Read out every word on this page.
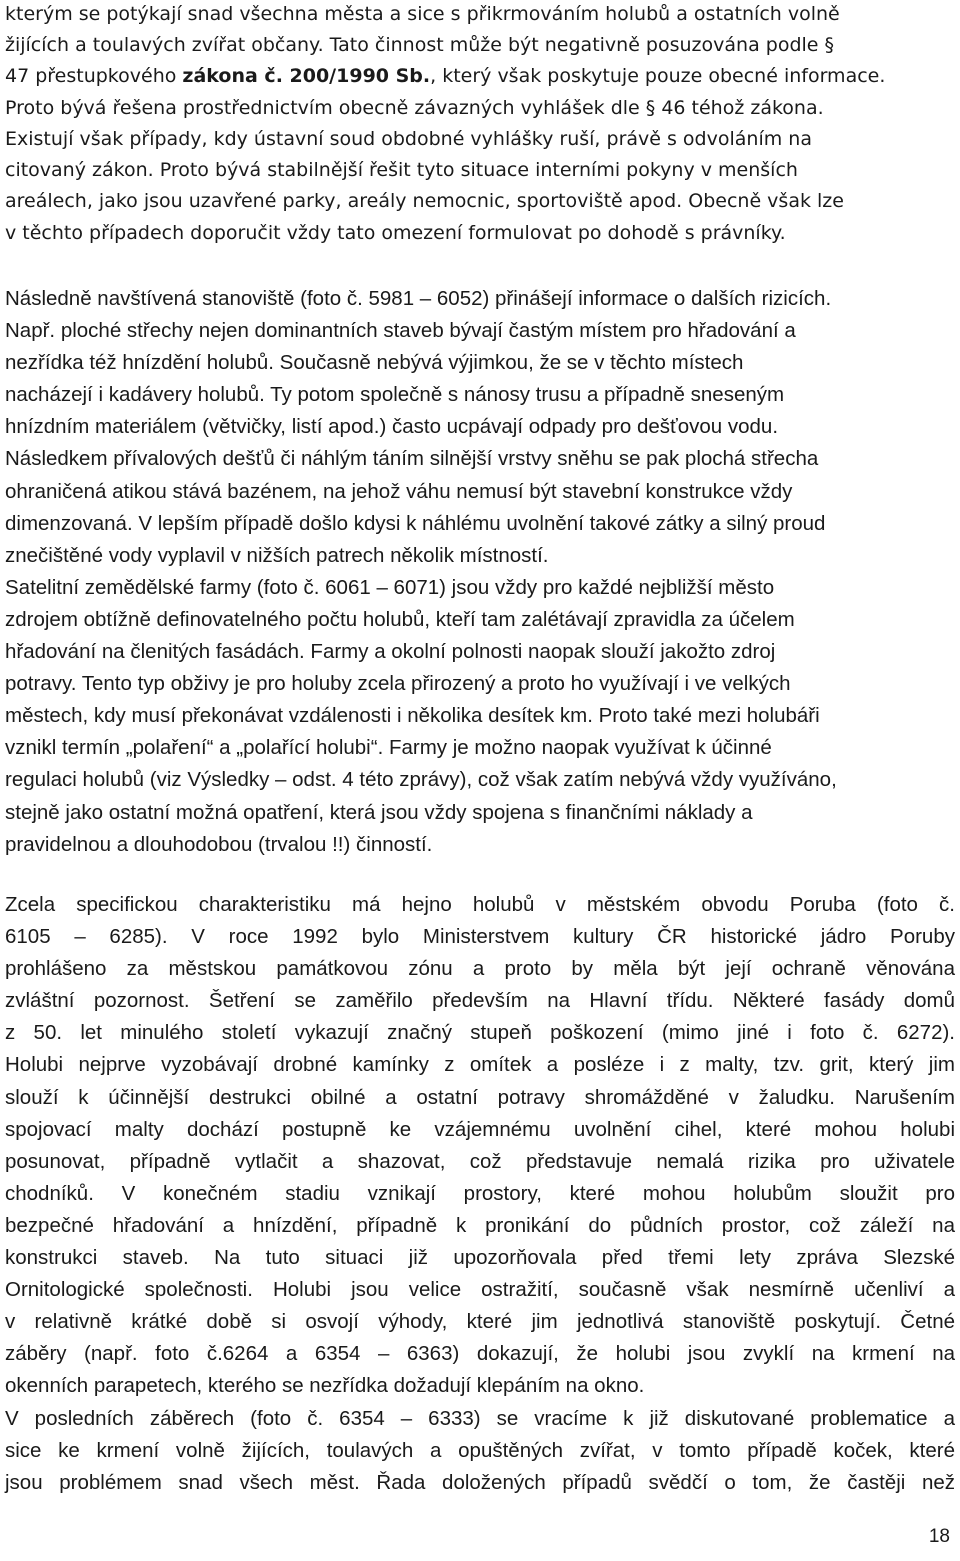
kterým se potýkají snad všechna města a sice s přikrmováním holubů a ostatních volně
žijících a toulavých zvířat občany. Tato činnost může být negativně posuzována podle §
47 přestupkového zákona č. 200/1990 Sb., který však poskytuje pouze obecné informace.
Proto bývá řešena prostřednictvím obecně závazných vyhlášek dle § 46 téhož zákona.
Existují však případy, kdy ústavní soud obdobné vyhlášky ruší, právě s odvoláním na
citovaný zákon. Proto bývá stabilnější řešit tyto situace interními pokyny v menších
areálech, jako jsou uzavřené parky, areály nemocnic, sportoviště apod. Obecně však lze
v těchto případech doporučit vždy tato omezení formulovat po dohodě s právníky.

Následně navštívená stanoviště (foto č. 5981 – 6052) přinášejí informace o dalších rizicích.

Např. ploché střechy nejen dominantních staveb bývají častým místem pro hřadování a

nezřídka též hnízdění holubů. Současně nebývá výjimkou, že se v těchto místech

nacházejí i kadávery holubů. Ty potom společně s nánosy trusu a případně sneseným

hnízdním materiálem (větvičky, listí apod.) často ucpávají odpady pro dešťovou vodu.

Následkem přívalových dešťů či náhlým táním silnější vrstvy sněhu se pak plochá střecha

ohraničená atikou stává bazénem, na jehož váhu nemusí být stavební konstrukce vždy

dimenzovaná. V lepším případě došlo kdysi k náhlému uvolnění takové zátky a silný proud

znečištěné vody vyplavil v nižších patrech několik místností.

Satelitní zemědělské farmy (foto č. 6061 – 6071) jsou vždy pro každé nejbližší město

zdrojem obtížně definovatelného počtu holubů, kteří tam zalétávají zpravidla za účelem

hřadování na členitých fasádách. Farmy a okolní polnosti naopak slouží jakožto zdroj

potravy. Tento typ obživy je pro holuby zcela přirozený a proto ho využívají i ve velkých

městech, kdy musí překonávat vzdálenosti i několika desítek km. Proto také mezi holubáři

vznikl termín „polaření“ a „polařící holubi“. Farmy je možno naopak využívat k účinné

regulaci holubů (viz Výsledky – odst. 4 této zprávy), což však zatím nebývá vždy využíváno,

stejně jako ostatní možná opatření, která jsou vždy spojena s finančními náklady a

pravidelnou a dlouhodobou (trvalou !!) činností.

Zcela specifickou charakteristiku má hejno holubů v městském obvodu Poruba (foto č.
6105 – 6285). V roce 1992 bylo Ministerstvem kultury ČR historické jádro Poruby
prohlášeno za městskou památkovou zónu a proto by měla být její ochraně věnována
zvláštní pozornost. Šetření se zaměřilo především na Hlavní třídu. Některé fasády domů
z 50. let minulého století vykazují značný stupeň poškození (mimo jiné i foto č. 6272).
Holubi nejprve vyzobávají drobné kamínky z omítek a posléze i z malty, tzv. grit, který jim
slouží k účinnější destrukci obilné a ostatní potravy shromážděné v žaludku. Narušením
spojovací malty dochází postupně ke vzájemnému uvolnění cihel, které mohou holubi
posunovat, případně vytlačit a shazovat, což představuje nemalá rizika pro uživatele
chodníků. V konečném stadiu vznikají prostory, které mohou holubům sloužit pro
bezpečné hřadování a hnízdění, případně k pronikání do půdních prostor, což záleží na
konstrukci staveb. Na tuto situaci již upozorňovala před třemi lety zpráva Slezské
Ornitologické společnosti. Holubi jsou velice ostražití, současně však nesmírně učenliví a
v relativně krátké době si osvojí výhody, které jim jednotlivá stanoviště poskytují. Četné
záběry (např. foto č.6264 a 6354 – 6363) dokazují, že holubi jsou zvyklí na krmení na
okenních parapetech, kterého se nezřídka dožadují klepáním na okno.
V posledních záběrech (foto č. 6354 – 6333) se vracíme k již diskutované problematice a
sice ke krmení volně žijících, toulavých a opuštěných zvířat, v tomto případě koček, které
jsou problémem snad všech měst. Řada doložených případů svědčí o tom, že častěji než

18
